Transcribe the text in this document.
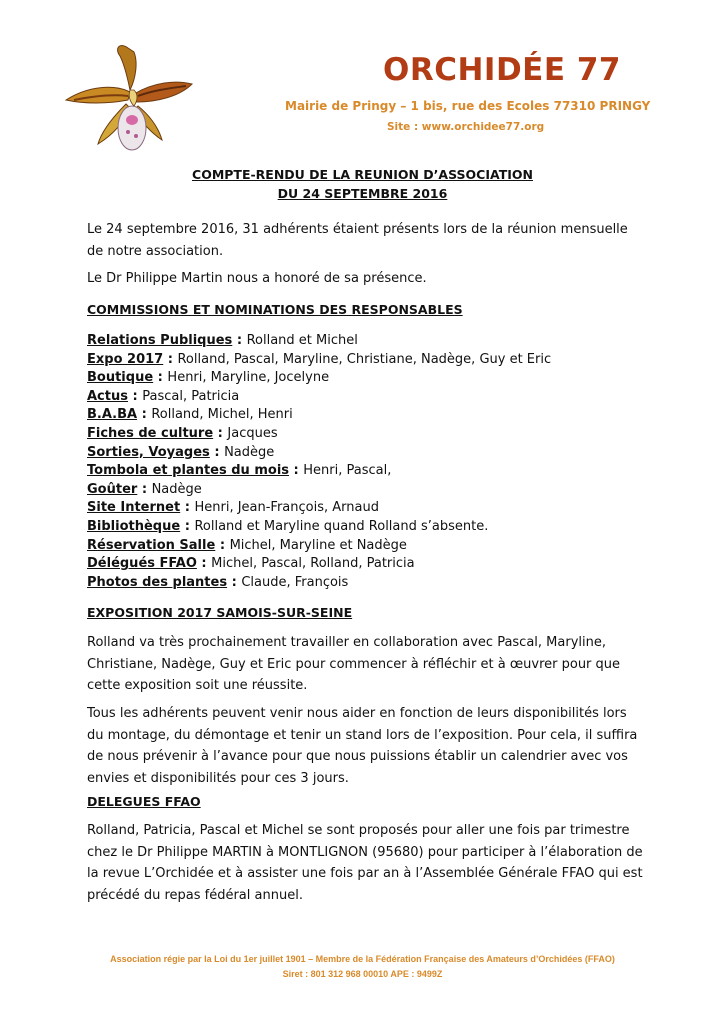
ORCHIDÉE 77
Mairie de Pringy – 1 bis, rue des Ecoles 77310 PRINGY
Site : www.orchidee77.org
COMPTE-RENDU DE LA REUNION D’ASSOCIATION
DU 24 SEPTEMBRE 2016
Le 24 septembre 2016, 31 adhérents étaient présents lors de la réunion mensuelle de notre association.
Le Dr Philippe Martin nous a honoré de sa présence.
COMMISSIONS ET NOMINATIONS DES RESPONSABLES
Relations Publiques : Rolland et Michel
Expo 2017 : Rolland, Pascal, Maryline, Christiane, Nadège, Guy et Eric
Boutique : Henri, Maryline, Jocelyne
Actus : Pascal, Patricia
B.A.BA : Rolland, Michel, Henri
Fiches de culture : Jacques
Sorties, Voyages : Nadège
Tombola et plantes du mois : Henri, Pascal,
Goûter : Nadège
Site Internet : Henri, Jean-François, Arnaud
Bibliothèque : Rolland et Maryline quand Rolland s’absente.
Réservation Salle : Michel, Maryline et Nadège
Délégués FFAO : Michel, Pascal, Rolland, Patricia
Photos des plantes : Claude, François
EXPOSITION 2017 SAMOIS-SUR-SEINE
Rolland va très prochainement travailler en collaboration avec Pascal, Maryline, Christiane, Nadège, Guy et Eric pour commencer à réfléchir et à œuvrer pour que cette exposition soit une réussite.
Tous les adhérents peuvent venir nous aider en fonction de leurs disponibilités lors du montage, du démontage et tenir un stand lors de l’exposition. Pour cela, il suffira de nous prévenir à l’avance pour que nous puissions établir un calendrier avec vos envies et disponibilités pour ces 3 jours.
DELEGUES FFAO
Rolland, Patricia, Pascal et Michel se sont proposés pour aller une fois par trimestre chez le Dr Philippe MARTIN à MONTLIGNON (95680) pour participer à l’élaboration de la revue L’Orchidée et à assister une fois par an à l’Assemblée Générale FFAO qui est précédé du repas fédéral annuel.
Association régie par la Loi du 1er juillet 1901 – Membre de la Fédération Française des Amateurs d’Orchidées (FFAO)
Siret : 801 312 968 00010 APE : 9499Z
